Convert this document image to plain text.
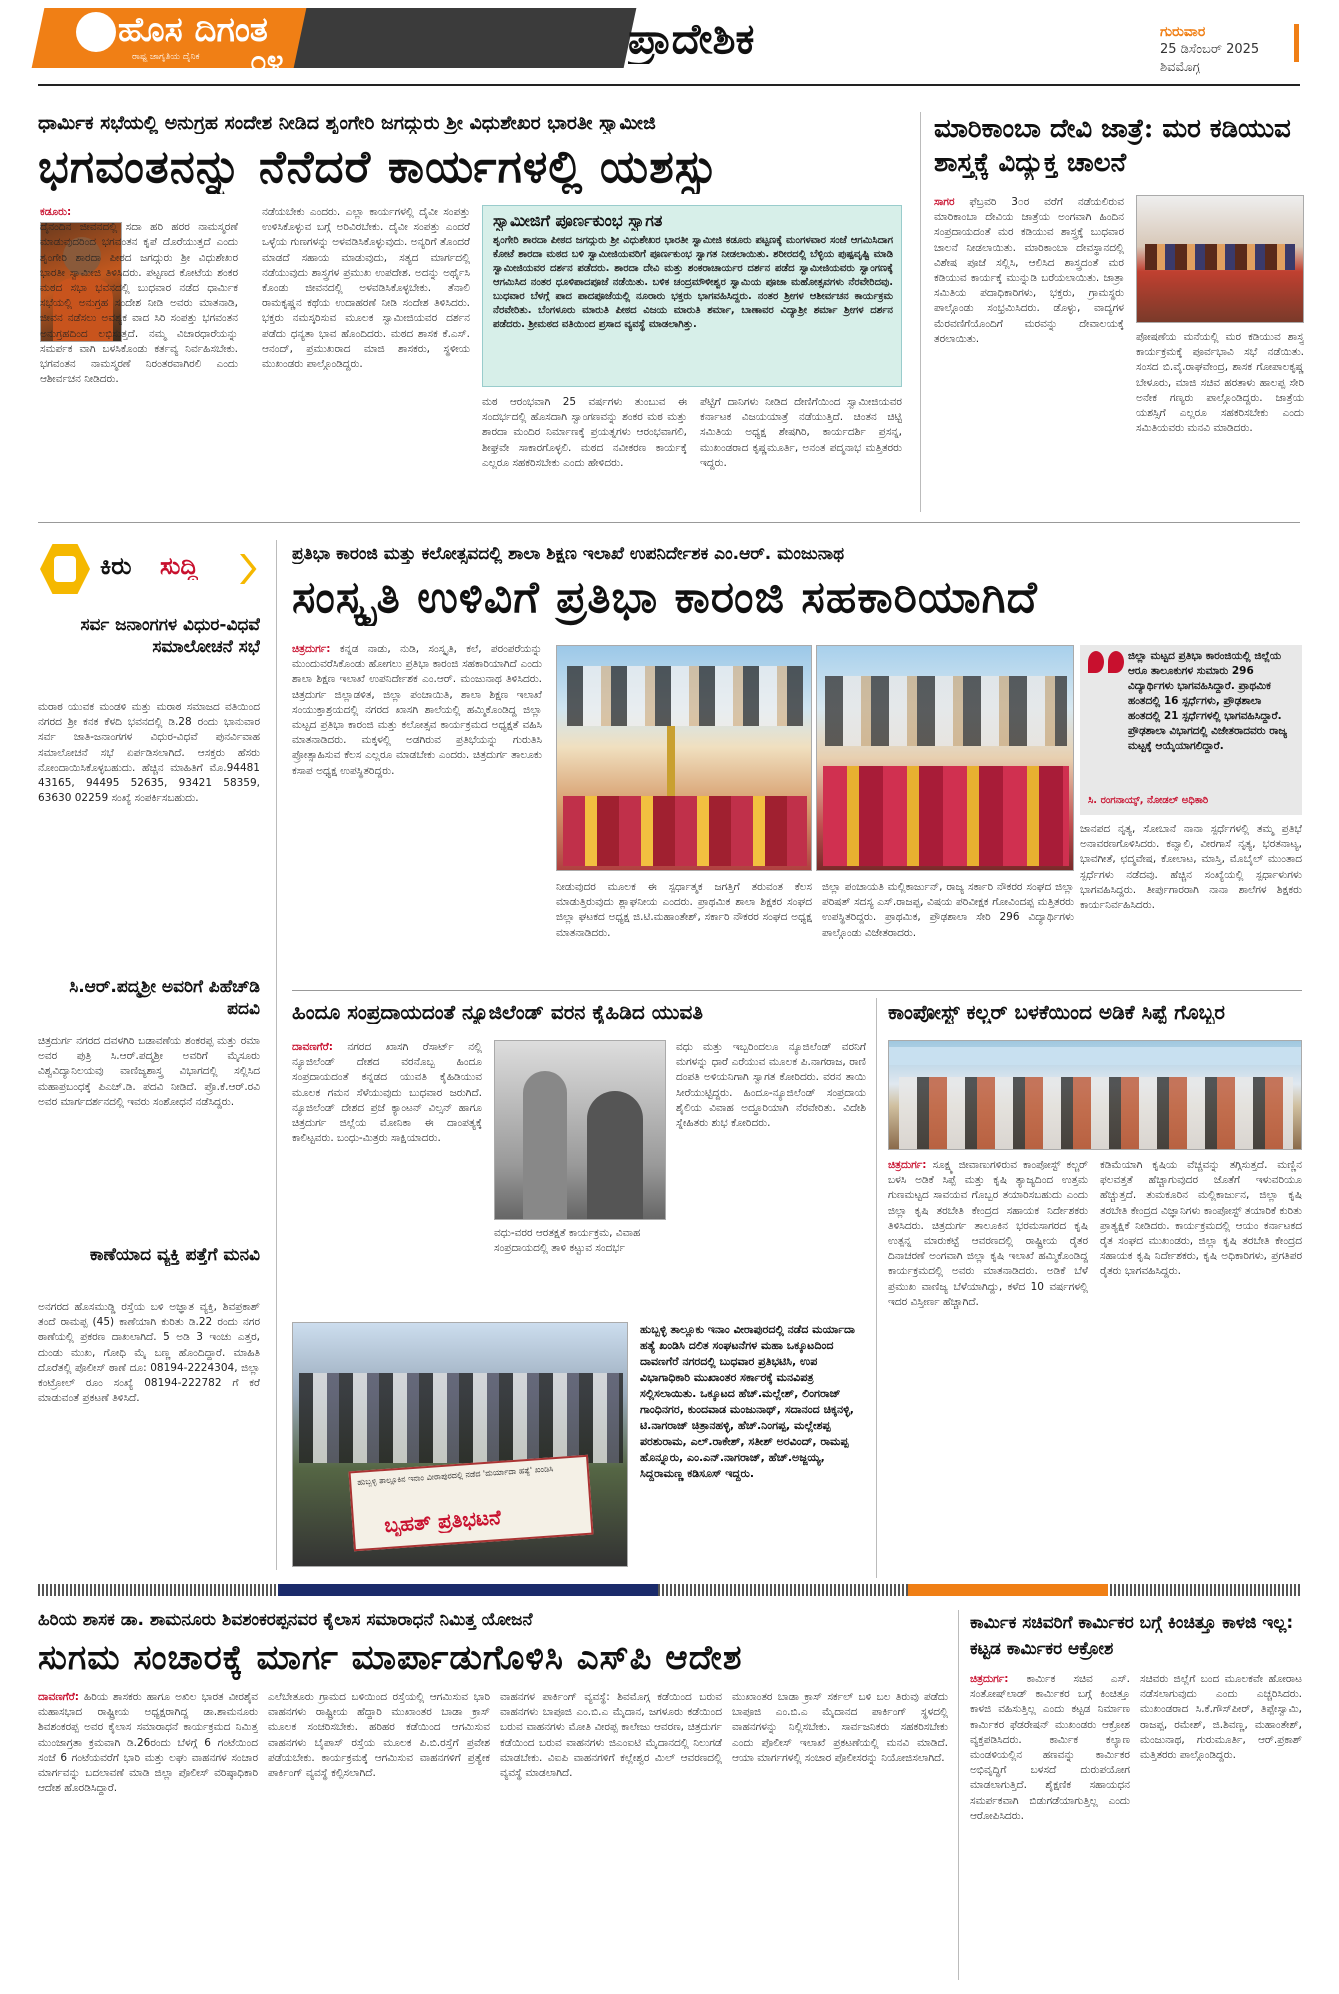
ಹೊಸ ದಿಗಂತ
ರಾಷ್ಟ್ರ ಜಾಗೃತಿಯ ದೈನಿಕ ೦೪	ಪ್ರಾದೇಶಿಕ	ಗುರುವಾರ
25 ಡಿಸೆಂಬರ್ 2025
ಶಿವಮೊಗ್ಗ
ಧಾರ್ಮಿಕ ಸಭೆಯಲ್ಲಿ ಅನುಗ್ರಹ ಸಂದೇಶ ನೀಡಿದ ಶೃಂಗೇರಿ ಜಗದ್ಗುರು ಶ್ರೀ ವಿಧುಶೇಖರ ಭಾರತೀ ಸ್ವಾಮೀಜಿ
ಭಗವಂತನನ್ನು ನೆನೆದರೆ ಕಾರ್ಯಗಳಲ್ಲಿ ಯಶಸ್ಸು
ಕಡೂರು:
ದೈನಂದಿನ ಜೀವನದಲ್ಲಿ ಸದಾ ಹರಿ ಹರರ ನಾಮಸ್ಮರಣೆ ಮಾಡುವುದರಿಂದ ಭಗವಂತನ ಕೃಪೆ ದೊರೆಯುತ್ತದೆ ಎಂದು ಶೃಂಗೇರಿ ಶಾರದಾ ಪೀಠದ ಜಗದ್ಗುರು ಶ್ರೀ ವಿಧುಶೇಖರ ಭಾರತೀ ಸ್ವಾಮೀಜಿ ತಿಳಿಸಿದರು. ಪಟ್ಟಣದ ಕೋಟೆಯ ಶಂಕರ ಮಠದ ಸಭಾ ಭವನದಲ್ಲಿ ಬುಧವಾರ ನಡೆದ ಧಾರ್ಮಿಕ ಸಭೆಯಲ್ಲಿ ಅನುಗ್ರಹ ಸಂದೇಶ ನೀಡಿ ಅವರು ಮಾತನಾಡಿ, ಜೀವನ ನಡೆಸಲು ಅವಶ್ಯಕ ವಾದ ಸಿರಿ ಸಂಪತ್ತು ಭಗವಂತನ ಅನುಗ್ರಹದಿಂದ ಲಭಿಸುತ್ತದೆ. ನಮ್ಮ ವಿಚಾರಧಾರೆಯನ್ನು ಸಮರ್ಪಕ ವಾಗಿ ಬಳಸಿಕೊಂಡು ಕರ್ತವ್ಯ ನಿರ್ವಹಿಸಬೇಕು. ಭಗವಂತನ ನಾಮಸ್ಮರಣೆ ನಿರಂತರವಾಗಿರಲಿ ಎಂದು ಆಶೀರ್ವಚನ ನೀಡಿದರು.
ನಡೆಯಬೇಕು ಎಂದರು. ಎಲ್ಲಾ ಕಾರ್ಯಗಳಲ್ಲಿ ದೈವೀ ಸಂಪತ್ತು ಉಳಿಸಿಕೊಳ್ಳುವ ಬಗ್ಗೆ ಅರಿವಿರಬೇಕು. ದೈವೀ ಸಂಪತ್ತು ಎಂದರೆ ಒಳ್ಳೆಯ ಗುಣಗಳನ್ನು ಅಳವಡಿಸಿಕೊಳ್ಳುವುದು. ಅನ್ಯರಿಗೆ ತೊಂದರೆ ಮಾಡದೆ ಸಹಾಯ ಮಾಡುವುದು, ಸತ್ಯದ ಮಾರ್ಗದಲ್ಲಿ ನಡೆಯುವುದು ಶಾಸ್ತ್ರಗಳ ಪ್ರಮುಖ ಉಪದೇಶ. ಅದನ್ನು ಅರ್ಥೈಸಿ ಕೊಂಡು ಜೀವನದಲ್ಲಿ ಅಳವಡಿಸಿಕೊಳ್ಳಬೇಕು. ತೆನಾಲಿ ರಾಮಕೃಷ್ಣನ ಕಥೆಯ ಉದಾಹರಣೆ ನೀಡಿ ಸಂದೇಶ ತಿಳಿಸಿದರು. ಭಕ್ತರು ನಮಸ್ಕರಿಸುವ ಮೂಲಕ ಸ್ವಾಮೀಜಿಯವರ ದರ್ಶನ ಪಡೆದು ಧನ್ಯತಾ ಭಾವ ಹೊಂದಿದರು. ಮಠದ ಶಾಸಕ ಕೆ.ಎಸ್. ಆನಂದ್, ಪ್ರಮುಖರಾದ ಮಾಜಿ ಶಾಸಕರು, ಸ್ಥಳೀಯ ಮುಖಂಡರು ಪಾಲ್ಗೊಂಡಿದ್ದರು.
ಸ್ವಾಮೀಜಿಗೆ ಪೂರ್ಣಕುಂಭ ಸ್ವಾಗತ
ಶೃಂಗೇರಿ ಶಾರದಾ ಪೀಠದ ಜಗದ್ಗುರು ಶ್ರೀ ವಿಧುಶೇಖರ ಭಾರತೀ ಸ್ವಾಮೀಜಿ ಕಡೂರು ಪಟ್ಟಣಕ್ಕೆ ಮಂಗಳವಾರ ಸಂಜೆ ಆಗಮಿಸಿದಾಗ ಕೋಟೆ ಶಾರದಾ ಮಠದ ಬಳಿ ಸ್ವಾಮೀಜಿಯವರಿಗೆ ಪೂರ್ಣಕುಂಭ ಸ್ವಾಗತ ನೀಡಲಾಯಿತು. ಶರೀರದಲ್ಲಿ ಬೆಳ್ಳಿಯ ಪುಷ್ಪವೃಷ್ಟಿ ಮಾಡಿ ಸ್ವಾಮೀಜಿಯವರ ದರ್ಶನ ಪಡೆದರು. ಶಾರದಾ ದೇವಿ ಮತ್ತು ಶಂಕರಾಚಾರ್ಯರ ದರ್ಶನ ಪಡೆದ ಸ್ವಾಮೀಜಿಯವರು ಸ್ವಾಂಗಣಕ್ಕೆ ಆಗಮಿಸಿದ ನಂತರ ಧೂಳಿಪಾದಪೂಜೆ ನಡೆಯಿತು. ಬಳಿಕ ಚಂದ್ರಮೌಳೀಶ್ವರ ಸ್ವಾಮಿಯ ಪೂಜಾ ಮಹೋತ್ಸವಗಳು ನೆರವೇರಿದವು. ಬುಧವಾರ ಬೆಳಗ್ಗೆ ಪಾದ ಪಾದಪೂಜೆಯಲ್ಲಿ ನೂರಾರು ಭಕ್ತರು ಭಾಗವಹಿಸಿದ್ದರು. ನಂತರ ಶ್ರೀಗಳ ಆಶೀರ್ವಚನ ಕಾರ್ಯಕ್ರಮ ನೆರವೇರಿತು. ಬೆಂಗಳೂರು ಮಾರುತಿ ಪೀಠದ ವಿಜಯ ಮಾರುತಿ ಶರ್ಮಾ, ಬಾಣಾವರ ವಿದ್ಯಾಶ್ರೀ ಶರ್ಮಾ ಶ್ರೀಗಳ ದರ್ಶನ ಪಡೆದರು. ಶ್ರೀಮಠದ ವತಿಯಿಂದ ಪ್ರಸಾದ ವ್ಯವಸ್ಥೆ ಮಾಡಲಾಗಿತ್ತು.
ಮಠ ಆರಂಭವಾಗಿ 25 ವರ್ಷಗಳು ತುಂಬುವ ಈ ಸಂದರ್ಭದಲ್ಲಿ ಹೊಸದಾಗಿ ಸ್ವಾಂಗಣವನ್ನು ಶಂಕರ ಮಠ ಮತ್ತು ಶಾರದಾ ಮಂದಿರ ನಿರ್ಮಾಣಕ್ಕೆ ಪ್ರಯತ್ನಗಳು ಆರಂಭವಾಗಲಿ, ಶೀಘ್ರವೇ ಸಾಕಾರಗೊಳ್ಳಲಿ. ಮಠದ ನವೀಕರಣ ಕಾರ್ಯಕ್ಕೆ ಎಲ್ಲರೂ ಸಹಕರಿಸಬೇಕು ಎಂದು ಹೇಳಿದರು.
ಪೆಟ್ಟಿಗೆ ದಾನಿಗಳು ನೀಡಿದ ದೇಣಿಗೆಯಿಂದ ಸ್ವಾಮೀಜಿಯವರ ಕರ್ನಾಟಕ ವಿಜಯಯಾತ್ರೆ ನಡೆಯುತ್ತಿದೆ. ಚಿಂತನ ಚಿಟ್ಟಿ ಸಮಿತಿಯ ಅಧ್ಯಕ್ಷ ಶೇಷಗಿರಿ, ಕಾರ್ಯದರ್ಶಿ ಪ್ರಸನ್ನ, ಮುಖಂಡರಾದ ಕೃಷ್ಣಮೂರ್ತಿ, ಅನಂತ ಪದ್ಮನಾಭ ಮತ್ತಿತರರು ಇದ್ದರು.
ಮಾರಿಕಾಂಬಾ ದೇವಿ ಜಾತ್ರೆ: ಮರ ಕಡಿಯುವ ಶಾಸ್ತ್ರಕ್ಕೆ ವಿದ್ಯುಕ್ತ ಚಾಲನೆ
ಸಾಗರ ಫೆಬ್ರವರಿ 3೦ರ ವರೆಗೆ ನಡೆಯಲಿರುವ ಮಾರಿಕಾಂಬಾ ದೇವಿಯ ಜಾತ್ರೆಯ ಅಂಗವಾಗಿ ಹಿಂದಿನ ಸಂಪ್ರದಾಯದಂತೆ ಮರ ಕಡಿಯುವ ಶಾಸ್ತ್ರಕ್ಕೆ ಬುಧವಾರ ಚಾಲನೆ ನೀಡಲಾಯಿತು. ಮಾರಿಕಾಂಬಾ ದೇವಸ್ಥಾನದಲ್ಲಿ ವಿಶೇಷ ಪೂಜೆ ಸಲ್ಲಿಸಿ, ಆಲಿಸಿದ ಶಾಸ್ತ್ರದಂತೆ ಮರ ಕಡಿಯುವ ಕಾರ್ಯಕ್ಕೆ ಮುನ್ನುಡಿ ಬರೆಯಲಾಯಿತು. ಜಾತ್ರಾ ಸಮಿತಿಯ ಪದಾಧಿಕಾರಿಗಳು, ಭಕ್ತರು, ಗ್ರಾಮಸ್ಥರು ಪಾಲ್ಗೊಂಡು ಸಂಭ್ರಮಿಸಿದರು. ಡೊಳ್ಳು, ವಾದ್ಯಗಳ ಮೆರವಣಿಗೆಯೊಂದಿಗೆ ಮರವನ್ನು ದೇವಾಲಯಕ್ಕೆ ತರಲಾಯಿತು.	ಪೋಷಣೆಯ ಮನೆಯಲ್ಲಿ ಮರ ಕಡಿಯುವ ಶಾಸ್ತ್ರ ಕಾರ್ಯಕ್ರಮಕ್ಕೆ ಪೂರ್ವಭಾವಿ ಸಭೆ ನಡೆಯಿತು. ಸಂಸದ ಬಿ.ವೈ.ರಾಘವೇಂದ್ರ, ಶಾಸಕ ಗೋಪಾಲಕೃಷ್ಣ ಬೇಳೂರು, ಮಾಜಿ ಸಚಿವ ಹರತಾಳು ಹಾಲಪ್ಪ ಸೇರಿ ಅನೇಕ ಗಣ್ಯರು ಪಾಲ್ಗೊಂಡಿದ್ದರು. ಜಾತ್ರೆಯ ಯಶಸ್ಸಿಗೆ ಎಲ್ಲರೂ ಸಹಕರಿಸಬೇಕು ಎಂದು ಸಮಿತಿಯವರು ಮನವಿ ಮಾಡಿದರು.
ಕಿರು ಸುದ್ದಿ
ಸರ್ವ ಜನಾಂಗಗಳ ವಿಧುರ-ವಿಧವೆ ಸಮಾಲೋಚನೆ ಸಭೆ
ಮರಾಠ ಯುವಕ ಮಂಡಳಿ ಮತ್ತು ಮರಾಠ ಸಮಾಜದ ವತಿಯಿಂದ ನಗರದ ಶ್ರೀ ಕನಕ ಕೆಳದಿ ಭವನದಲ್ಲಿ ಡಿ.28 ರಂದು ಭಾನುವಾರ ಸರ್ವ ಜಾತಿ-ಜನಾಂಗಗಳ ವಿಧುರ-ವಿಧವೆ ಪುನರ್ವಿವಾಹ ಸಮಾಲೋಚನೆ ಸಭೆ ಏರ್ಪಡಿಸಲಾಗಿದೆ. ಆಸಕ್ತರು ಹೆಸರು ನೋಂದಾಯಿಸಿಕೊಳ್ಳಬಹುದು. ಹೆಚ್ಚಿನ ಮಾಹಿತಿಗೆ ಮೊ.94481 43165, 94495 52635, 93421 58359, 63630 02259 ಸಂಖ್ಯೆ ಸಂಪರ್ಕಿಸಬಹುದು.
ಸಿ.ಆರ್.ಪದ್ಮಶ್ರೀ ಅವರಿಗೆ ಪಿಹೆಚ್‌ಡಿ ಪದವಿ
ಚಿತ್ರದುರ್ಗ ನಗರದ ದವಳಗಿರಿ ಬಡಾವಣೆಯ ಶಂಕರಪ್ಪ ಮತ್ತು ರಮಾ ಅವರ ಪುತ್ರಿ ಸಿ.ಆರ್.ಪದ್ಮಶ್ರೀ ಅವರಿಗೆ ಮೈಸೂರು ವಿಶ್ವವಿದ್ಯಾನಿಲಯವು ವಾಣಿಜ್ಯಶಾಸ್ತ್ರ ವಿಭಾಗದಲ್ಲಿ ಸಲ್ಲಿಸಿದ ಮಹಾಪ್ರಬಂಧಕ್ಕೆ ಪಿಎಚ್.ಡಿ. ಪದವಿ ನೀಡಿದೆ. ಪ್ರೊ.ಕೆ.ಆರ್.ರವಿ ಅವರ ಮಾರ್ಗದರ್ಶನದಲ್ಲಿ ಇವರು ಸಂಶೋಧನೆ ನಡೆಸಿದ್ದರು.
ಕಾಣೆಯಾದ ವ್ಯಕ್ತಿ ಪತ್ತೆಗೆ ಮನವಿ
ಅನಗರದ ಹೊಸಮುಡ್ಡಿ ರಸ್ತೆಯ ಬಳಿ ಅಜ್ಞಾತ ವ್ಯಕ್ತಿ, ಶಿವಪ್ರಕಾಶ್ ತಂದೆ ರಾಮಪ್ಪ (45) ಕಾಣೆಯಾಗಿ ಕುರಿತು ಡಿ.22 ರಂದು ನಗರ ಠಾಣೆಯಲ್ಲಿ ಪ್ರಕರಣ ದಾಖಲಾಗಿದೆ. 5 ಅಡಿ 3 ಇಂಚು ಎತ್ತರ, ದುಂಡು ಮುಖ, ಗೋಧಿ ಮೈ ಬಣ್ಣ ಹೊಂದಿದ್ದಾರೆ. ಮಾಹಿತಿ ದೊರೆತಲ್ಲಿ ಪೊಲೀಸ್ ಠಾಣೆ ದೂ: 08194-2224304, ಜಿಲ್ಲಾ ಕಂಟ್ರೋಲ್ ರೂಂ ಸಂಖ್ಯೆ 08194-222782 ಗೆ ಕರೆ ಮಾಡುವಂತೆ ಪ್ರಕಟಣೆ ತಿಳಿಸಿದೆ.
ಪ್ರತಿಭಾ ಕಾರಂಜಿ ಮತ್ತು ಕಲೋತ್ಸವದಲ್ಲಿ ಶಾಲಾ ಶಿಕ್ಷಣ ಇಲಾಖೆ ಉಪನಿರ್ದೇಶಕ ಎಂ.ಆರ್. ಮಂಜುನಾಥ
ಸಂಸ್ಕೃತಿ ಉಳಿವಿಗೆ ಪ್ರತಿಭಾ ಕಾರಂಜಿ ಸಹಕಾರಿಯಾಗಿದೆ
ಚಿತ್ರದುರ್ಗ: ಕನ್ನಡ ನಾಡು, ನುಡಿ, ಸಂಸ್ಕೃತಿ, ಕಲೆ, ಪರಂಪರೆಯನ್ನು ಮುಂದುವರೆಸಿಕೊಂಡು ಹೋಗಲು ಪ್ರತಿಭಾ ಕಾರಂಜಿ ಸಹಕಾರಿಯಾಗಿದೆ ಎಂದು ಶಾಲಾ ಶಿಕ್ಷಣ ಇಲಾಖೆ ಉಪನಿರ್ದೇಶಕ ಎಂ.ಆರ್. ಮಂಜುನಾಥ ತಿಳಿಸಿದರು. ಚಿತ್ರದುರ್ಗ ಜಿಲ್ಲಾಡಳಿತ, ಜಿಲ್ಲಾ ಪಂಚಾಯಿತಿ, ಶಾಲಾ ಶಿಕ್ಷಣ ಇಲಾಖೆ ಸಂಯುಕ್ತಾಶ್ರಯದಲ್ಲಿ ನಗರದ ಖಾಸಗಿ ಶಾಲೆಯಲ್ಲಿ ಹಮ್ಮಿಕೊಂಡಿದ್ದ ಜಿಲ್ಲಾ ಮಟ್ಟದ ಪ್ರತಿಭಾ ಕಾರಂಜಿ ಮತ್ತು ಕಲೋತ್ಸವ ಕಾರ್ಯಕ್ರಮದ ಅಧ್ಯಕ್ಷತೆ ವಹಿಸಿ ಮಾತನಾಡಿದರು. ಮಕ್ಕಳಲ್ಲಿ ಅಡಗಿರುವ ಪ್ರತಿಭೆಯನ್ನು ಗುರುತಿಸಿ ಪ್ರೋತ್ಸಾಹಿಸುವ ಕೆಲಸ ಎಲ್ಲರೂ ಮಾಡಬೇಕು ಎಂದರು. ಚಿತ್ರದುರ್ಗ ತಾಲೂಕು ಕಸಾಪ ಅಧ್ಯಕ್ಷ ಉಪಸ್ಥಿತರಿದ್ದರು.
ಜಿಲ್ಲಾ ಮಟ್ಟದ ಪ್ರತಿಭಾ ಕಾರಂಜಿಯಲ್ಲಿ ಜಿಲ್ಲೆಯ ಆರೂ ತಾಲೂಕುಗಳ ಸುಮಾರು 296 ವಿದ್ಯಾರ್ಥಿಗಳು ಭಾಗವಹಿಸಿದ್ದಾರೆ. ಪ್ರಾಥಮಿಕ ಹಂತದಲ್ಲಿ 16 ಸ್ಪರ್ಧೆಗಳು, ಪ್ರೌಢಶಾಲಾ ಹಂತದಲ್ಲಿ 21 ಸ್ಪರ್ಧೆಗಳಲ್ಲಿ ಭಾಗವಹಿಸಿದ್ದಾರೆ. ಪ್ರೌಢಶಾಲಾ ವಿಭಾಗದಲ್ಲಿ ವಿಜೇತರಾದವರು ರಾಜ್ಯ ಮಟ್ಟಕ್ಕೆ ಆಯ್ಕೆಯಾಗಲಿದ್ದಾರೆ.
ಸಿ. ರಂಗನಾಯ್ಕ್, ನೋಡಲ್ ಅಧಿಕಾರಿ
ನೀಡುವುದರ ಮೂಲಕ ಈ ಸ್ಪರ್ಧಾತ್ಮಕ ಜಗತ್ತಿಗೆ ತರುವಂತ ಕೆಲಸ ಮಾಡುತ್ತಿರುವುದು ಶ್ಲಾಘನೀಯ ಎಂದರು. ಪ್ರಾಥಮಿಕ ಶಾಲಾ ಶಿಕ್ಷಕರ ಸಂಘದ ಜಿಲ್ಲಾ ಘಟಕದ ಅಧ್ಯಕ್ಷ ಜಿ.ಟಿ.ಮಹಾಂತೇಶ್, ಸರ್ಕಾರಿ ನೌಕರರ ಸಂಘದ ಅಧ್ಯಕ್ಷ ಮಾತನಾಡಿದರು.
ಜಿಲ್ಲಾ ಪಂಚಾಯತಿ ಮಲ್ಲಿಕಾರ್ಜುನ್, ರಾಜ್ಯ ಸರ್ಕಾರಿ ನೌಕರರ ಸಂಘದ ಜಿಲ್ಲಾ ಪರಿಷತ್ ಸದಸ್ಯ ಎಸ್.ರಾಜಪ್ಪ, ವಿಷಯ ಪರಿವೀಕ್ಷಕ ಗೋವಿಂದಪ್ಪ ಮತ್ತಿತರರು ಉಪಸ್ಥಿತರಿದ್ದರು. ಪ್ರಾಥಮಿಕ, ಪ್ರೌಢಶಾಲಾ ಸೇರಿ 296 ವಿದ್ಯಾರ್ಥಿಗಳು ಪಾಲ್ಗೊಂಡು ವಿಜೇತರಾದರು.
ಜಾನಪದ ನೃತ್ಯ, ಸೋಬಾನೆ ನಾನಾ ಸ್ಪರ್ಧೆಗಳಲ್ಲಿ ತಮ್ಮ ಪ್ರತಿಭೆ ಅನಾವರಣಗೊಳಿಸಿದರು. ಕವ್ವಾಲಿ, ವೀರಗಾಸೆ ನೃತ್ಯ, ಭರತನಾಟ್ಯ, ಭಾವಗೀತೆ, ಛದ್ಮವೇಷ, ಕೋಲಾಟ, ಮಾಸ್ತಿ, ಮೊಬೈಲ್ ಮುಂತಾದ ಸ್ಪರ್ಧೆಗಳು ನಡೆದವು. ಹೆಚ್ಚಿನ ಸಂಖ್ಯೆಯಲ್ಲಿ ಸ್ಪರ್ಧಾಳುಗಳು ಭಾಗವಹಿಸಿದ್ದರು. ತೀರ್ಪುಗಾರರಾಗಿ ನಾನಾ ಶಾಲೆಗಳ ಶಿಕ್ಷಕರು ಕಾರ್ಯನಿರ್ವಹಿಸಿದರು.
ಹಿಂದೂ ಸಂಪ್ರದಾಯದಂತೆ ನ್ಯೂಜಿಲೆಂಡ್ ವರನ ಕೈಹಿಡಿದ ಯುವತಿ
ದಾವಣಗೆರೆ: ನಗರದ ಖಾಸಗಿ ರೆಸಾರ್ಟ್ ನಲ್ಲಿ ನ್ಯೂಜಿಲೆಂಡ್ ದೇಶದ ವರನೊಬ್ಬ ಹಿಂದೂ ಸಂಪ್ರದಾಯದಂತೆ ಕನ್ನಡದ ಯುವತಿ ಕೈಹಿಡಿಯುವ ಮೂಲಕ ಗಮನ ಸೆಳೆಯುವುದು ಬುಧವಾರ ಜರುಗಿದೆ. ನ್ಯೂಜಿಲೆಂಡ್ ದೇಶದ ಪ್ರಜೆ ಕ್ಯಾಂಟನ್ ವಿಲ್ಸನ್ ಹಾಗೂ ಚಿತ್ರದುರ್ಗ ಜಿಲ್ಲೆಯ ಮೋನಿಕಾ ಈ ದಾಂಪತ್ಯಕ್ಕೆ ಕಾಲಿಟ್ಟವರು. ಬಂಧು-ಮಿತ್ರರು ಸಾಕ್ಷಿಯಾದರು.
ವಧು-ವರರ ಆರತಕ್ಷತೆ ಕಾರ್ಯಕ್ರಮ, ವಿವಾಹ ಸಂಪ್ರದಾಯದಲ್ಲಿ ತಾಳಿ ಕಟ್ಟುವ ಸಂದರ್ಭ
ವಧು ಮತ್ತು ಇಬ್ಬರಿಂದಲೂ ನ್ಯೂಜಿಲೆಂಡ್ ವರನಿಗೆ ಮಗಳನ್ನು ಧಾರೆ ಎರೆಯುವ ಮೂಲಕ ಪಿ.ನಾಗರಾಜ, ರಾಣಿ ದಂಪತಿ ಅಳಿಯನಿಗಾಗಿ ಸ್ವಾಗತ ಕೋರಿದರು. ವರನ ತಾಯಿ ಸೀರೆಯುಟ್ಟಿದ್ದರು. ಹಿಂದೂ-ನ್ಯೂಜಿಲೆಂಡ್ ಸಂಪ್ರದಾಯ ಶೈಲಿಯ ವಿವಾಹ ಅದ್ಧೂರಿಯಾಗಿ ನೆರವೇರಿತು. ವಿದೇಶಿ ಸ್ನೇಹಿತರು ಶುಭ ಕೋರಿದರು.
ಕಾಂಪೋಸ್ಟ್ ಕಲ್ಚರ್ ಬಳಕೆಯಿಂದ ಅಡಿಕೆ ಸಿಪ್ಪೆ ಗೊಬ್ಬರ
ಚಿತ್ರದುರ್ಗ: ಸೂಕ್ಷ್ಮ ಜೀವಾಣುಗಳಿರುವ ಕಾಂಪೋಸ್ಟ್ ಕಲ್ಚರ್ ಬಳಸಿ ಅಡಿಕೆ ಸಿಪ್ಪೆ ಮತ್ತು ಕೃಷಿ ತ್ಯಾಜ್ಯದಿಂದ ಉತ್ತಮ ಗುಣಮಟ್ಟದ ಸಾವಯವ ಗೊಬ್ಬರ ತಯಾರಿಸಬಹುದು ಎಂದು ಜಿಲ್ಲಾ ಕೃಷಿ ತರಬೇತಿ ಕೇಂದ್ರದ ಸಹಾಯಕ ನಿರ್ದೇಶಕರು ತಿಳಿಸಿದರು. ಚಿತ್ರದುರ್ಗ ತಾಲೂಕಿನ ಭರಮಸಾಗರದ ಕೃಷಿ ಉತ್ಪನ್ನ ಮಾರುಕಟ್ಟೆ ಆವರಣದಲ್ಲಿ ರಾಷ್ಟ್ರೀಯ ರೈತರ ದಿನಾಚರಣೆ ಅಂಗವಾಗಿ ಜಿಲ್ಲಾ ಕೃಷಿ ಇಲಾಖೆ ಹಮ್ಮಿಕೊಂಡಿದ್ದ ಕಾರ್ಯಕ್ರಮದಲ್ಲಿ ಅವರು ಮಾತನಾಡಿದರು. ಅಡಿಕೆ ಬೆಳೆ ಪ್ರಮುಖ ವಾಣಿಜ್ಯ ಬೆಳೆಯಾಗಿದ್ದು, ಕಳೆದ 10 ವರ್ಷಗಳಲ್ಲಿ ಇದರ ವಿಸ್ತೀರ್ಣ ಹೆಚ್ಚಾಗಿದೆ.
ಕಡಿಮೆಯಾಗಿ ಕೃಷಿಯ ವೆಚ್ಚವನ್ನು ತಗ್ಗಿಸುತ್ತದೆ. ಮಣ್ಣಿನ ಫಲವತ್ತತೆ ಹೆಚ್ಚಾಗುವುದರ ಜೊತೆಗೆ ಇಳುವರಿಯೂ ಹೆಚ್ಚುತ್ತದೆ. ತುಮಕೂರಿನ ಮಲ್ಲಿಕಾರ್ಜುನ, ಜಿಲ್ಲಾ ಕೃಷಿ ತರಬೇತಿ ಕೇಂದ್ರದ ವಿಜ್ಞಾನಿಗಳು ಕಾಂಪೋಸ್ಟ್ ತಯಾರಿಕೆ ಕುರಿತು ಪ್ರಾತ್ಯಕ್ಷಿಕೆ ನೀಡಿದರು. ಕಾರ್ಯಕ್ರಮದಲ್ಲಿ ಆಯಂ ಕರ್ನಾಟಕದ ರೈತ ಸಂಘದ ಮುಖಂಡರು, ಜಿಲ್ಲಾ ಕೃಷಿ ತರಬೇತಿ ಕೇಂದ್ರದ ಸಹಾಯಕ ಕೃಷಿ ನಿರ್ದೇಶಕರು, ಕೃಷಿ ಅಧಿಕಾರಿಗಳು, ಪ್ರಗತಿಪರ ರೈತರು ಭಾಗವಹಿಸಿದ್ದರು.
ಹುಬ್ಬಳ್ಳಿ ತಾಲ್ಲೂಕಿನ ಇನಾಂ ವೀರಾಪುರದಲ್ಲಿ ನಡೆದ 'ಮರ್ಯಾದಾ ಹತ್ಯೆ' ಖಂಡಿಸಿ
ಬೃಹತ್ ಪ್ರತಿಭಟನೆ
ಹುಬ್ಬಳ್ಳಿ ತಾಲ್ಲೂಕು ಇನಾಂ ವೀರಾಪುರದಲ್ಲಿ ನಡೆದ ಮರ್ಯಾದಾ ಹತ್ಯೆ ಖಂಡಿಸಿ ದಲಿತ ಸಂಘಟನೆಗಳ ಮಹಾ ಒಕ್ಕೂಟದಿಂದ ದಾವಣಗೆರೆ ನಗರದಲ್ಲಿ ಬುಧವಾರ ಪ್ರತಿಭಟಿಸಿ, ಉಪ ವಿಭಾಗಾಧಿಕಾರಿ ಮುಖಾಂತರ ಸರ್ಕಾರಕ್ಕೆ ಮನವಿಪತ್ರ ಸಲ್ಲಿಸಲಾಯಿತು. ಒಕ್ಕೂಟದ ಹೆಚ್.ಮಲ್ಲೇಶ್, ಲಿಂಗರಾಜ್ ಗಾಂಧಿನಗರ, ಕುಂದವಾಡ ಮಂಜುನಾಥ್, ಸದಾನಂದ ಚಿಕ್ಕನಳ್ಳಿ, ಟಿ.ನಾಗರಾಜ್ ಚಿತ್ರಾನಹಳ್ಳಿ, ಹೆಚ್.ನಿಂಗಪ್ಪ, ಮಲ್ಲೇಶಪ್ಪ ಪರಶುರಾಮ, ಎಲ್.ರಾಕೇಶ್, ಸತೀಶ್ ಅರವಿಂದ್, ರಾಮಪ್ಪ ಹೊನ್ನೂರು, ಎಂ.ಎನ್.ನಾಗರಾಜ್, ಹೆಚ್.ಅಜ್ಜಯ್ಯ, ಸಿದ್ದರಾಮಣ್ಣ ಕಡಿಸೂಸ್ ಇದ್ದರು.
ಹಿರಿಯ ಶಾಸಕ ಡಾ. ಶಾಮನೂರು ಶಿವಶಂಕರಪ್ಪನವರ ಕೈಲಾಸ ಸಮಾರಾಧನೆ ನಿಮಿತ್ತ ಯೋಜನೆ
ಸುಗಮ ಸಂಚಾರಕ್ಕೆ ಮಾರ್ಗ ಮಾರ್ಪಾಡುಗೊಳಿಸಿ ಎಸ್‌ಪಿ ಆದೇಶ
ದಾವಣಗೆರೆ: ಹಿರಿಯ ಶಾಸಕರು ಹಾಗೂ ಅಖಿಲ ಭಾರತ ವೀರಶೈವ ಮಹಾಸಭಾದ ರಾಷ್ಟ್ರೀಯ ಅಧ್ಯಕ್ಷರಾಗಿದ್ದ ಡಾ.ಶಾಮನೂರು ಶಿವಶಂಕರಪ್ಪ ಅವರ ಕೈಲಾಸ ಸಮಾರಾಧನೆ ಕಾರ್ಯಕ್ರಮದ ನಿಮಿತ್ತ ಮುಂಜಾಗ್ರತಾ ಕ್ರಮವಾಗಿ ಡಿ.26ರಂದು ಬೆಳಗ್ಗೆ 6 ಗಂಟೆಯಿಂದ ಸಂಜೆ 6 ಗಂಟೆಯವರೆಗೆ ಭಾರಿ ಮತ್ತು ಲಘು ವಾಹನಗಳ ಸಂಚಾರ ಮಾರ್ಗವನ್ನು ಬದಲಾವಣೆ ಮಾಡಿ ಜಿಲ್ಲಾ ಪೊಲೀಸ್ ವರಿಷ್ಠಾಧಿಕಾರಿ ಆದೇಶ ಹೊರಡಿಸಿದ್ದಾರೆ.
ಎಲೆಬೇತೂರು ಗ್ರಾಮದ ಬಳಿಯಿಂದ ರಸ್ತೆಯಲ್ಲಿ ಆಗಮಿಸುವ ಭಾರಿ ವಾಹನಗಳು ರಾಷ್ಟ್ರೀಯ ಹೆದ್ದಾರಿ ಮುಖಾಂತರ ಬಾಡಾ ಕ್ರಾಸ್ ಮೂಲಕ ಸಂಚರಿಸಬೇಕು. ಹರಿಹರ ಕಡೆಯಿಂದ ಆಗಮಿಸುವ ವಾಹನಗಳು ಬೈಪಾಸ್ ರಸ್ತೆಯ ಮೂಲಕ ಪಿ.ಬಿ.ರಸ್ತೆಗೆ ಪ್ರವೇಶ ಪಡೆಯಬೇಕು. ಕಾರ್ಯಕ್ರಮಕ್ಕೆ ಆಗಮಿಸುವ ವಾಹನಗಳಿಗೆ ಪ್ರತ್ಯೇಕ ಪಾರ್ಕಿಂಗ್ ವ್ಯವಸ್ಥೆ ಕಲ್ಪಿಸಲಾಗಿದೆ.
ವಾಹನಗಳ ಪಾರ್ಕಿಂಗ್ ವ್ಯವಸ್ಥೆ: ಶಿವಮೊಗ್ಗ ಕಡೆಯಿಂದ ಬರುವ ವಾಹನಗಳು ಬಾಪೂಜಿ ಎಂ.ಬಿ.ಎ ಮೈದಾನ, ಜಗಳೂರು ಕಡೆಯಿಂದ ಬರುವ ವಾಹನಗಳು ಮೋತಿ ವೀರಪ್ಪ ಕಾಲೇಜು ಆವರಣ, ಚಿತ್ರದುರ್ಗ ಕಡೆಯಿಂದ ಬರುವ ವಾಹನಗಳು ಜಿಎಂಐಟಿ ಮೈದಾನದಲ್ಲಿ ನಿಲುಗಡೆ ಮಾಡಬೇಕು. ವಿಐಪಿ ವಾಹನಗಳಿಗೆ ಕಲ್ಲೇಶ್ವರ ಮಿಲ್ ಆವರಣದಲ್ಲಿ ವ್ಯವಸ್ಥೆ ಮಾಡಲಾಗಿದೆ.
ಮುಖಾಂತರ ಬಾಡಾ ಕ್ರಾಸ್ ಸರ್ಕಲ್ ಬಳಿ ಬಲ ತಿರುವು ಪಡೆದು ಬಾಪೂಜಿ ಎಂ.ಬಿ.ಎ ಮೈದಾನದ ಪಾರ್ಕಿಂಗ್ ಸ್ಥಳದಲ್ಲಿ ವಾಹನಗಳನ್ನು ನಿಲ್ಲಿಸಬೇಕು. ಸಾರ್ವಜನಿಕರು ಸಹಕರಿಸಬೇಕು ಎಂದು ಪೊಲೀಸ್ ಇಲಾಖೆ ಪ್ರಕಟಣೆಯಲ್ಲಿ ಮನವಿ ಮಾಡಿದೆ. ಆಯಾ ಮಾರ್ಗಗಳಲ್ಲಿ ಸಂಚಾರ ಪೊಲೀಸರನ್ನು ನಿಯೋಜಿಸಲಾಗಿದೆ.
ಕಾರ್ಮಿಕ ಸಚಿವರಿಗೆ ಕಾರ್ಮಿಕರ ಬಗ್ಗೆ ಕಿಂಚಿತ್ತೂ ಕಾಳಜಿ ಇಲ್ಲ: ಕಟ್ಟಡ ಕಾರ್ಮಿಕರ ಆಕ್ರೋಶ
ಚಿತ್ರದುರ್ಗ: ಕಾರ್ಮಿಕ ಸಚಿವ ಎಸ್. ಸಂತೋಷ್‌ಲಾಡ್ ಕಾರ್ಮಿಕರ ಬಗ್ಗೆ ಕಿಂಚಿತ್ತೂ ಕಾಳಜಿ ವಹಿಸುತ್ತಿಲ್ಲ ಎಂದು ಕಟ್ಟಡ ನಿರ್ಮಾಣ ಕಾರ್ಮಿಕರ ಫೆಡರೇಷನ್ ಮುಖಂಡರು ಆಕ್ರೋಶ ವ್ಯಕ್ತಪಡಿಸಿದರು. ಕಾರ್ಮಿಕ ಕಲ್ಯಾಣ ಮಂಡಳಿಯಲ್ಲಿನ ಹಣವನ್ನು ಕಾರ್ಮಿಕರ ಅಭಿವೃದ್ಧಿಗೆ ಬಳಸದೆ ದುರುಪಯೋಗ ಮಾಡಲಾಗುತ್ತಿದೆ. ಶೈಕ್ಷಣಿಕ ಸಹಾಯಧನ ಸಮರ್ಪಕವಾಗಿ ಬಿಡುಗಡೆಯಾಗುತ್ತಿಲ್ಲ ಎಂದು ಆರೋಪಿಸಿದರು.
ಸಚಿವರು ಜಿಲ್ಲೆಗೆ ಬಂದ ಮೂಲಕವೇ ಹೋರಾಟ ನಡೆಸಲಾಗುವುದು ಎಂದು ಎಚ್ಚರಿಸಿದರು. ಮುಖಂಡರಾದ ಸಿ.ಕೆ.ಗೌಸ್‌ಪೀರ್, ತಿಪ್ಪೇಸ್ವಾಮಿ, ರಾಜಪ್ಪ, ರಮೇಶ್, ಜಿ.ಶಿವಣ್ಣ, ಮಹಾಂತೇಶ್, ಮಂಜುನಾಥ, ಗುರುಮೂರ್ತಿ, ಆರ್.ಪ್ರಕಾಶ್ ಮತ್ತಿತರರು ಪಾಲ್ಗೊಂಡಿದ್ದರು.
